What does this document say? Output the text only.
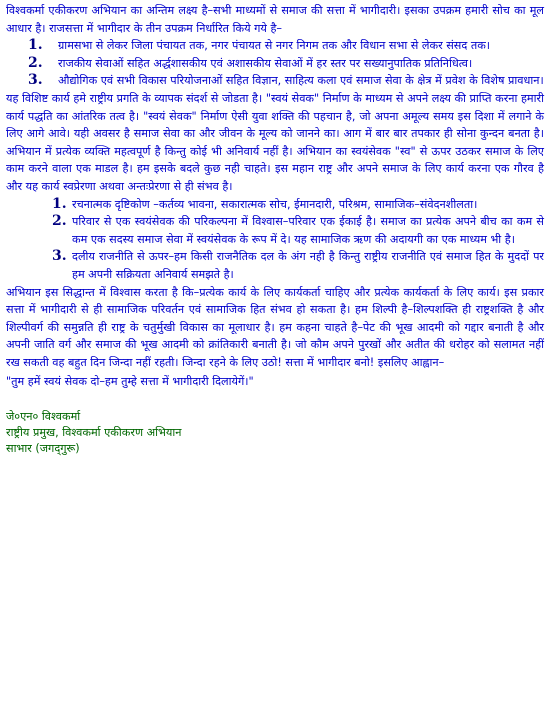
विश्वकर्मा एकीकरण अभियान का अन्तिम लक्ष्य है–सभी माध्यमों से समाज की सत्ता में भागीदारी। इसका उपक्रम हमारी सोच का मूल आधार है। राजसत्ता में भागीदार के तीन उपक्रम निर्धारित किये गये है–

1. ग्रामसभा से लेकर जिला पंचायत तक, नगर पंचायत से नगर निगम तक और विधान सभा से लेकर संसद तक।
2. राजकीय सेवाओं सहित अर्द्धशासकीय एवं अशासकीय सेवाओं में हर स्तर पर सख्यानुपातिक प्रतिनिधित्व।
3. औद्योगिक एवं सभी विकास परियोजनाओं सहित विज्ञान, साहित्य कला एवं समाज सेवा के क्षेत्र में प्रवेश के विशेष प्रावधान।

यह विशिष्ट कार्य हमे राष्ट्रीय प्रगति के व्यापक संदर्श से जोडता है। "स्वयं सेवक" निर्माण के माध्यम से अपने लक्ष्य की प्राप्ति करना हमारी कार्य पद्धति का आंतरिक तत्व है। "स्वयं सेवक" निर्माण ऐसी युवा शक्ति की पहचान है, जो अपना अमूल्य समय इस दिशा में लगाने के लिए आगे आवे। यही अवसर है समाज सेवा का और जीवन के मूल्य को जानने का। आग में बार बार तपकार ही सोना कुन्दन बनता है। अभियान में प्रत्येक व्यक्ति महत्वपूर्ण है किन्तु कोई भी अनिवार्य नहीं है। अभियान का स्वयंसेवक "स्व" से ऊपर उठकर समाज के लिए काम करने वाला एक माडल है। हम इसके बदले कुछ नही चाहते। इस महान राष्ट्र और अपने समाज के लिए कार्य करना एक गौरव है और यह कार्य स्वप्रेरणा अथवा अन्तःप्रेरणा से ही संभव है।

1. रचनात्मक दृष्टिकोण –कर्तव्य भावना, सकारात्मक सोच, ईमानदारी, परिश्रम, सामाजिक–संवेदनशीलता।
2. परिवार से एक स्वयंसेवक की परिकल्पना में विश्वास–परिवार एक ईकाई है। समाज का प्रत्येक अपने बीच का कम से कम एक सदस्य समाज सेवा में स्वयंसेवक के रूप में दे। यह सामाजिक ऋण की अदायगी का एक माध्यम भी है।
3. दलीय राजनीति से ऊपर–हम किसी राजनैतिक दल के अंग नही है किन्तु राष्ट्रीय राजनीति एवं समाज हित के मुददों पर हम अपनी सक्रियता अनिवार्य समझते है।

अभियान इस सिद्धान्त में विश्वास करता है कि–प्रत्येक कार्य के लिए कार्यकर्ता चाहिए और प्रत्येक कार्यकर्ता के लिए कार्य। इस प्रकार सत्ता में भागीदारी से ही सामाजिक परिवर्तन एवं सामाजिक हित संभव हो सकता है। हम शिल्पी है–शिल्पशक्ति ही राष्ट्रशक्ति है और शिल्पीवर्ग की समुन्नति ही राष्ट्र के चतुर्मुखी विकास का मूलाधार है। हम कहना चाहते है–पेट की भूख आदमी को गद्दार बनाती है और अपनी जाति वर्ग और समाज की भूख आदमी को क्रांतिकारी बनाती है। जो कौम अपने पुरखों और अतीत की धरोहर को सलामत नहीं रख सकती वह बहुत दिन जिन्दा नहीं रहती। जिन्दा रहने के लिए उठो! सत्ता में भागीदार बनो! इसलिए आह्वान–

"तुम हमें स्वयं सेवक दो–हम तुम्हे सत्ता में भागीदारी दिलायेगें।"

जे०एन० विश्वकर्मा
राष्ट्रीय प्रमुख, विश्वकर्मा एकीकरण अभियान
साभार (जगद्‌गुरू)
